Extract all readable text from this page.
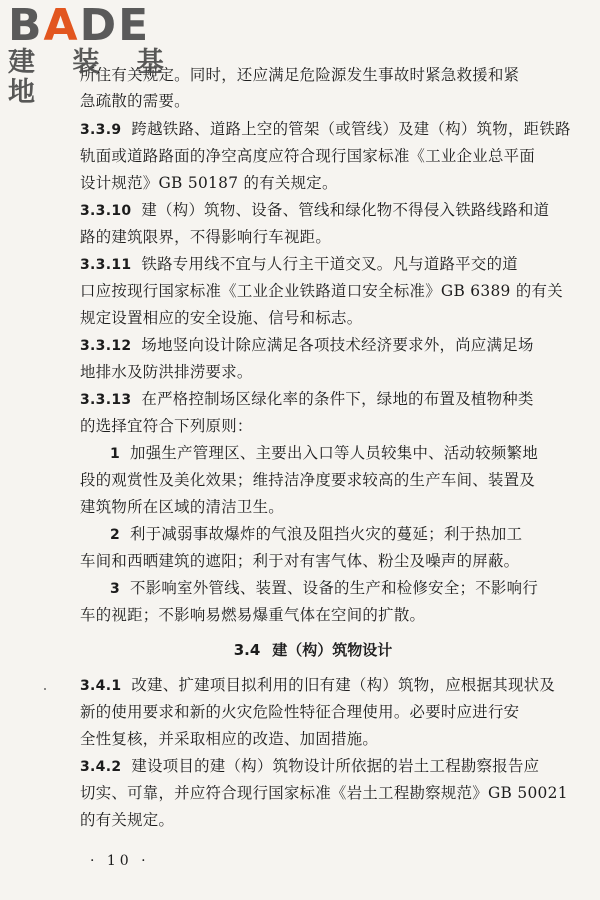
BADE
建 装 基 地
所住有关规定。同时，还应满足危险源发生事故时紧急救援和紧
急疏散的需要。
3.3.9 跨越铁路、道路上空的管架（或管线）及建（构）筑物，距铁路
轨面或道路路面的净空高度应符合现行国家标准《工业企业总平面
设计规范》GB 50187 的有关规定。
3.3.10 建（构）筑物、设备、管线和绿化物不得侵入铁路线路和道
路的建筑限界，不得影响行车视距。
3.3.11 铁路专用线不宜与人行主干道交叉。凡与道路平交的道
口应按现行国家标准《工业企业铁路道口安全标准》GB 6389 的有关
规定设置相应的安全设施、信号和标志。
3.3.12 场地竖向设计除应满足各项技术经济要求外，尚应满足场
地排水及防洪排涝要求。
3.3.13 在严格控制场区绿化率的条件下，绿地的布置及植物种类
的选择宜符合下列原则：
1 加强生产管理区、主要出入口等人员较集中、活动较频繁地
段的观赏性及美化效果；维持洁净度要求较高的生产车间、装置及
建筑物所在区域的清洁卫生。
2 利于减弱事故爆炸的气浪及阻挡火灾的蔓延；利于热加工
车间和西晒建筑的遮阳；利于对有害气体、粉尘及噪声的屏蔽。
3 不影响室外管线、装置、设备的生产和检修安全；不影响行
车的视距；不影响易燃易爆重气体在空间的扩散。
3.4 建（构）筑物设计
3.4.1 改建、扩建项目拟利用的旧有建（构）筑物，应根据其现状及
新的使用要求和新的火灾危险性特征合理使用。必要时应进行安
全性复核，并采取相应的改造、加固措施。
3.4.2 建设项目的建（构）筑物设计所依据的岩土工程勘察报告应
切实、可靠，并应符合现行国家标准《岩土工程勘察规范》GB 50021
的有关规定。
· 10 ·
